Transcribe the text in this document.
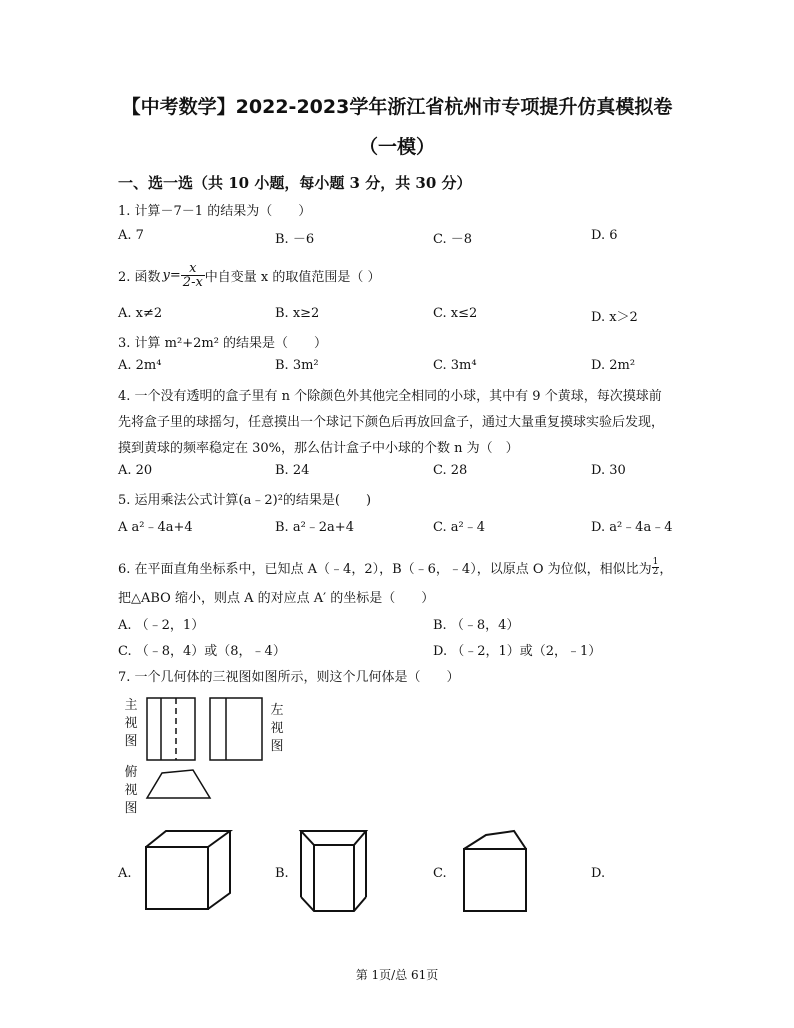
【中考数学】2022-2023学年浙江省杭州市专项提升仿真模拟卷
（一模）
一、选一选（共 10 小题，每小题 3 分，共 30 分）
1. 计算－7－1 的结果为（　　）
A. 7	B. －6	C. －8	D. 6
2. 函数 $y= \frac{x}{2-x}$ 中自变量 x 的取值范围是（ ）
A. x≠2	B. x≥2	C. x≤2	D. x＞2
3. 计算 m²+2m² 的结果是（　　）
A. 2m⁴	B. 3m²	C. 3m⁴	D. 2m²
4. 一个没有透明的盒子里有 n 个除颜色外其他完全相同的小球，其中有 9 个黄球，每次摸球前
先将盒子里的球摇匀，任意摸出一个球记下颜色后再放回盒子，通过大量重复摸球实验后发现，
摸到黄球的频率稳定在 30%，那么估计盒子中小球的个数 n 为（　）
A. 20	B. 24	C. 28	D. 30
5. 运用乘法公式计算(a﹣2)²的结果是(　　)
A a²﹣4a+4	B. a²﹣2a+4	C. a²﹣4	D. a²﹣4a﹣4
6. 在平面直角坐标系中，已知点 A（﹣4，2），B（﹣6，﹣4），以原点 O 为位似，相似比为 $\frac{1}{2}$ ，
把△ABO 缩小，则点 A 的对应点 A′ 的坐标是（　　）
A. （﹣2，1）	B. （﹣8，4）
C. （﹣8，4）或（8，﹣4）	D. （﹣2，1）或（2，﹣1）
7. 一个几何体的三视图如图所示，则这个几何体是（　　）
主视图
左视图
俯视图
A.	B.	C.	D.
第 1页/总 61页
